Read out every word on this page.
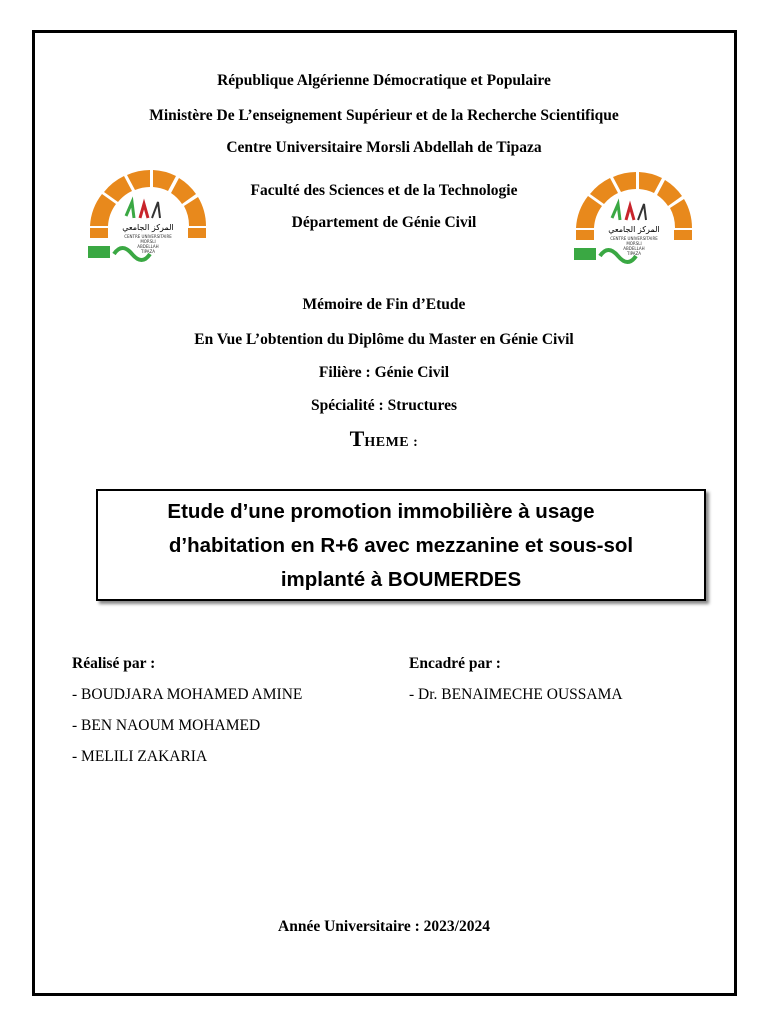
République Algérienne Démocratique et Populaire
Ministère De L’enseignement Supérieur et de la Recherche Scientifique
Centre Universitaire Morsli Abdellah de Tipaza
Faculté des Sciences et de la Technologie
Département de Génie Civil
المركز الجامعي
CENTRE UNIVERSITAIRE
MORSLI
ABDELLAH
TIPAZA
المركز الجامعي
CENTRE UNIVERSITAIRE
MORSLI
ABDELLAH
TIPAZA
Mémoire de Fin d’Etude
En Vue L’obtention du Diplôme du Master en Génie Civil
Filière : Génie Civil
Spécialité : Structures
THEME :
Etude d’une promotion immobilière à usage
d’habitation en R+6 avec mezzanine et sous-sol
implanté à BOUMERDES
Réalisé par :
- BOUDJARA MOHAMED AMINE
- BEN NAOUM MOHAMED
- MELILI ZAKARIA
Encadré par :
- Dr. BENAIMECHE OUSSAMA
Année Universitaire : 2023/2024
